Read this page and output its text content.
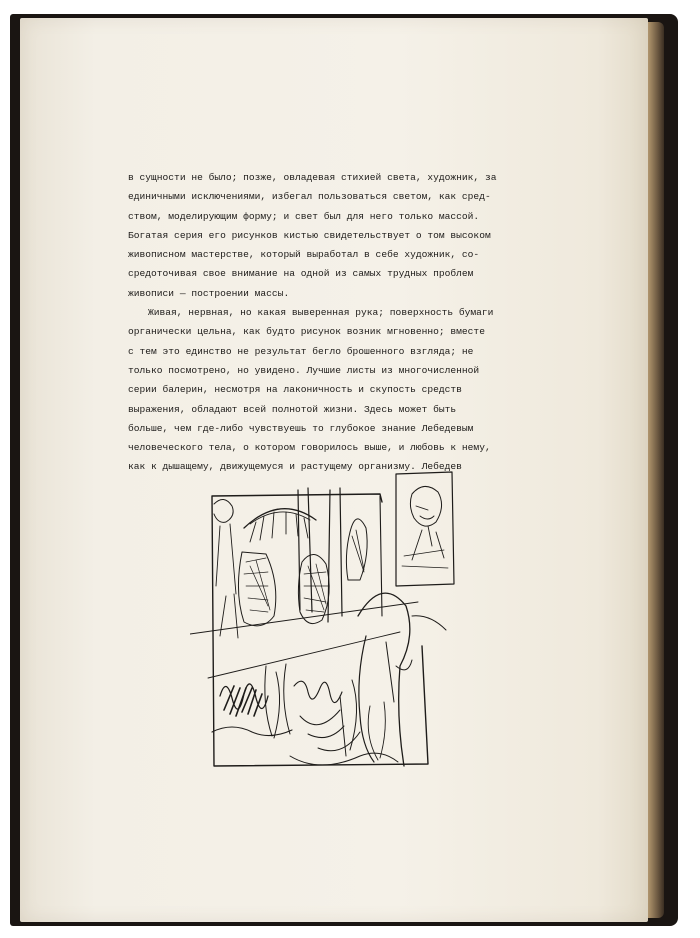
в сущности не было; позже, овладевая стихией света, художник, за
единичными исключениями, избегал пользоваться светом, как сред-
ством, моделирующим форму; и свет был для него только массой.
Богатая серия его рисунков кистью свидетельствует о том высоком
живописном мастерстве, который выработал в себе художник, со-
средоточивая свое внимание на одной из самых трудных проблем
живописи — построении массы.

Живая, нервная, но какая выверенная рука; поверхность бумаги
органически цельна, как будто рисунок возник мгновенно; вместе
с тем это единство не результат бегло брошенного взгляда; не
только посмотрено, но увидено. Лучшие листы из многочисленной
серии балерин, несмотря на лаконичность и скупость средств
выражения, обладают всей полнотой жизни. Здесь может быть
больше, чем где-либо чувствуешь то глубокое знание Лебедевым
человеческого тела, о котором говорилось выше, и любовь к нему,
как к дышащему, движущемуся и растущему организму. Лебедев
